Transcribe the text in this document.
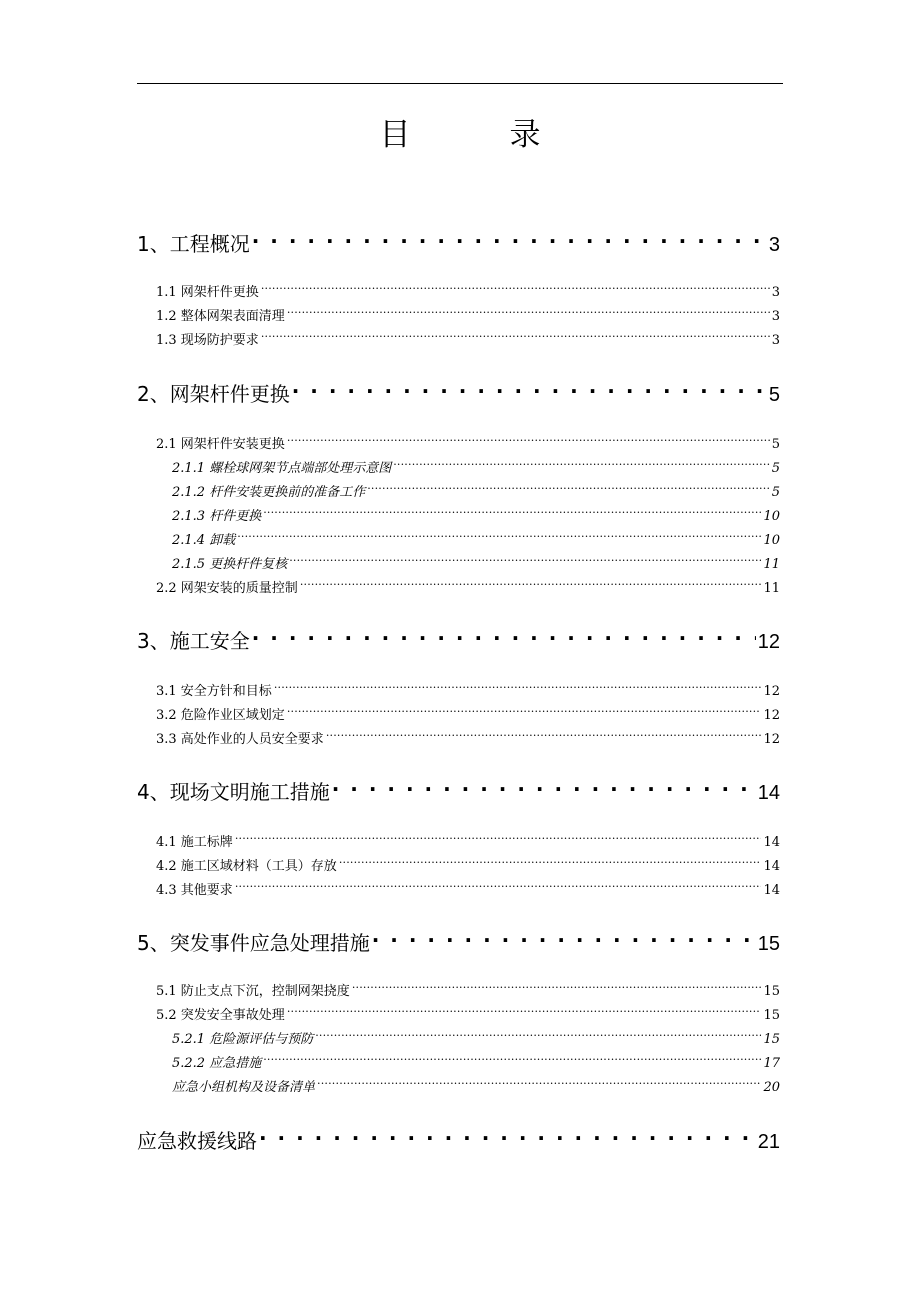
目　录
1、工程概况 . . .	3
1.1 网架杆件更换 .....	3
1.2 整体网架表面清理 .....	3
1.3 现场防护要求 .....	3
2、网架杆件更换 . . .	5
2.1 网架杆件安装更换 .....	5
2.1.1 螺栓球网架节点端部处理示意图 .....	5
2.1.2 杆件安装更换前的准备工作 .....	5
2.1.3 杆件更换 .....	10
2.1.4 卸载 .....	10
2.1.5 更换杆件复核 .....	11
2.2 网架安装的质量控制 .....	11
3、施工安全 . . .	12
3.1 安全方针和目标 .....	12
3.2 危险作业区域划定 .....	12
3.3 高处作业的人员安全要求 .....	12
4、现场文明施工措施 . . .	14
4.1 施工标牌 .....	14
4.2 施工区域材料（工具）存放 .....	14
4.3 其他要求 .....	14
5、突发事件应急处理措施 . . .	15
5.1 防止支点下沉，控制网架挠度 .....	15
5.2 突发安全事故处理 .....	15
5.2.1 危险源评估与预防 .....	15
5.2.2 应急措施 .....	17
应急小组机构及设备清单 .....	20
应急救援线路 . . .	21
